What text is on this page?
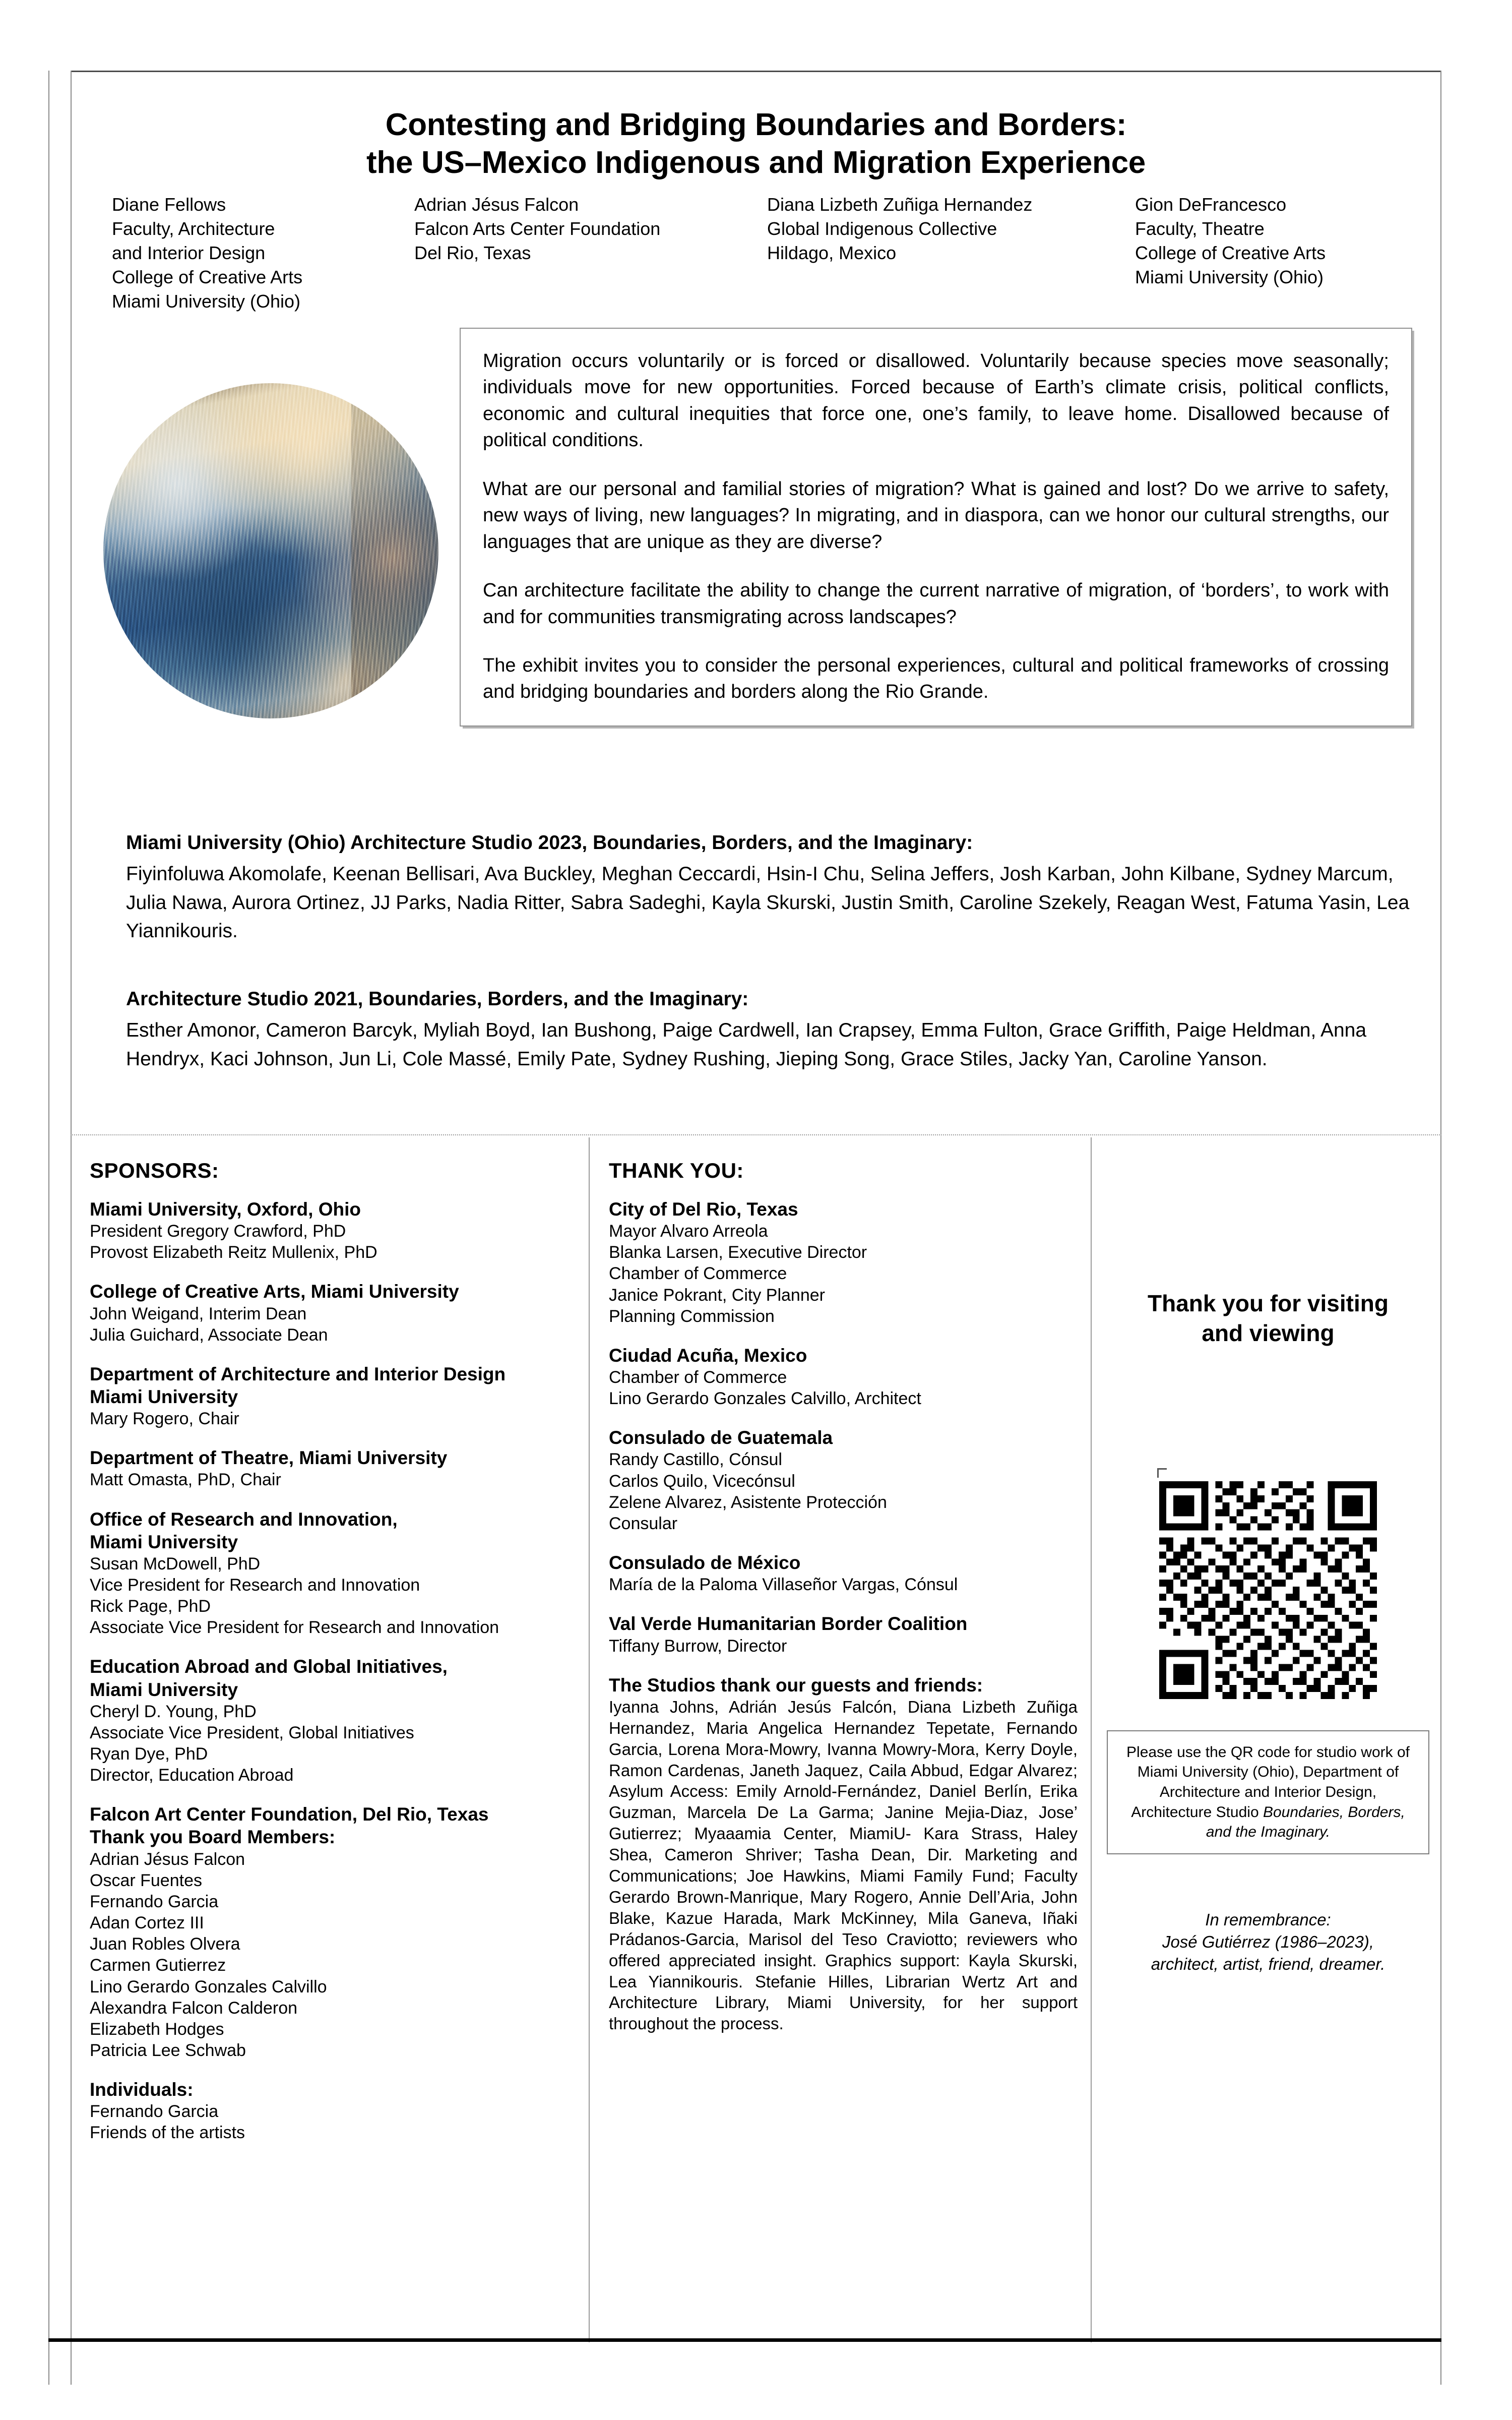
Contesting and Bridging Boundaries and Borders:
the US–Mexico Indigenous and Migration Experience
Diane Fellows
Faculty, Architecture
and Interior Design
College of Creative Arts
Miami University (Ohio)
Adrian Jésus Falcon
Falcon Arts Center Foundation
Del Rio, Texas
Diana Lizbeth Zuñiga Hernandez
Global Indigenous Collective
Hildago, Mexico
Gion DeFrancesco
Faculty, Theatre
College of Creative Arts
Miami University (Ohio)

Migration occurs voluntarily or is forced or disallowed. Voluntarily because species move seasonally; individuals move for new opportunities. Forced because of Earth’s climate crisis, political conflicts, economic and cultural inequities that force one, one’s family, to leave home. Disallowed because of political conditions.

What are our personal and familial stories of migration? What is gained and lost? Do we arrive to safety, new ways of living, new languages? In migrating, and in diaspora, can we honor our cultural strengths, our languages that are unique as they are diverse?

Can architecture facilitate the ability to change the current narrative of migration, of ‘borders’, to work with and for communities transmigrating across landscapes?

The exhibit invites you to consider the personal experiences, cultural and political frameworks of crossing and bridging boundaries and borders along the Rio Grande.

Miami University (Ohio) Architecture Studio 2023, Boundaries, Borders, and the Imaginary:

Fiyinfoluwa Akomolafe, Keenan Bellisari, Ava Buckley, Meghan Ceccardi, Hsin-I Chu, Selina Jeffers, Josh Karban, John Kilbane, Sydney Marcum, Julia Nawa, Aurora Ortinez, JJ Parks, Nadia Ritter, Sabra Sadeghi, Kayla Skurski, Justin Smith, Caroline Szekely, Reagan West, Fatuma Yasin, Lea Yiannikouris.

Architecture Studio 2021, Boundaries, Borders, and the Imaginary:

Esther Amonor, Cameron Barcyk, Myliah Boyd, Ian Bushong, Paige Cardwell, Ian Crapsey, Emma Fulton, Grace Griffith, Paige Heldman, Anna Hendryx, Kaci Johnson, Jun Li, Cole Massé, Emily Pate, Sydney Rushing, Jieping Song, Grace Stiles, Jacky Yan, Caroline Yanson.

SPONSORS:
Miami University, Oxford, Ohio
President Gregory Crawford, PhD
Provost Elizabeth Reitz Mullenix, PhD
College of Creative Arts, Miami University
John Weigand, Interim Dean
Julia Guichard, Associate Dean
Department of Architecture and Interior Design
Miami University
Mary Rogero, Chair
Department of Theatre, Miami University
Matt Omasta, PhD, Chair
Office of Research and Innovation,
Miami University
Susan McDowell, PhD
Vice President for Research and Innovation
Rick Page, PhD
Associate Vice President for Research and Innovation
Education Abroad and Global Initiatives,
Miami University
Cheryl D. Young, PhD
Associate Vice President, Global Initiatives
Ryan Dye, PhD
Director, Education Abroad
Falcon Art Center Foundation, Del Rio, Texas
Thank you Board Members:
Adrian Jésus Falcon
Oscar Fuentes
Fernando Garcia
Adan Cortez III
Juan Robles Olvera
Carmen Gutierrez
Lino Gerardo Gonzales Calvillo
Alexandra Falcon Calderon
Elizabeth Hodges
Patricia Lee Schwab
Individuals:
Fernando Garcia
Friends of the artists
THANK YOU:
City of Del Rio, Texas
Mayor Alvaro Arreola
Blanka Larsen, Executive Director
Chamber of Commerce
Janice Pokrant, City Planner
Planning Commission
Ciudad Acuña, Mexico
Chamber of Commerce
Lino Gerardo Gonzales Calvillo, Architect
Consulado de Guatemala
Randy Castillo, Cónsul
Carlos Quilo, Vicecónsul
Zelene Alvarez, Asistente Protección
Consular
Consulado de México
María de la Paloma Villaseñor Vargas, Cónsul
Val Verde Humanitarian Border Coalition
Tiffany Burrow, Director
The Studios thank our guests and friends:

Iyanna Johns, Adrián Jesús Falcón, Diana Lizbeth Zuñiga Hernandez, Maria Angelica Hernandez Tepetate, Fernando Garcia, Lorena Mora-Mowry, Ivanna Mowry-Mora, Kerry Doyle, Ramon Cardenas, Janeth Jaquez, Caila Abbud, Edgar Alvarez; Asylum Access: Emily Arnold-Fernández, Daniel Berlín, Erika Guzman, Marcela De La Garma; Janine Mejia-Diaz, Jose’ Gutierrez; Myaaamia Center, MiamiU- Kara Strass, Haley Shea, Cameron Shriver; Tasha Dean, Dir. Marketing and Communications; Joe Hawkins, Miami Family Fund; Faculty Gerardo Brown-Manrique, Mary Rogero, Annie Dell’Aria, John Blake, Kazue Harada, Mark McKinney, Mila Ganeva, Iñaki Prádanos-Garcia, Marisol del Teso Craviotto; reviewers who offered appreciated insight. Graphics support: Kayla Skurski, Lea Yiannikouris. Stefanie Hilles, Librarian Wertz Art and Architecture Library, Miami University, for her support throughout the process.

Thank you for visiting
and viewing
Please use the QR code for studio work of Miami University (Ohio), Department of Architecture and Interior Design, Architecture Studio Boundaries, Borders, and the Imaginary.
In remembrance:
José Gutiérrez (1986–2023),
architect, artist, friend, dreamer.
